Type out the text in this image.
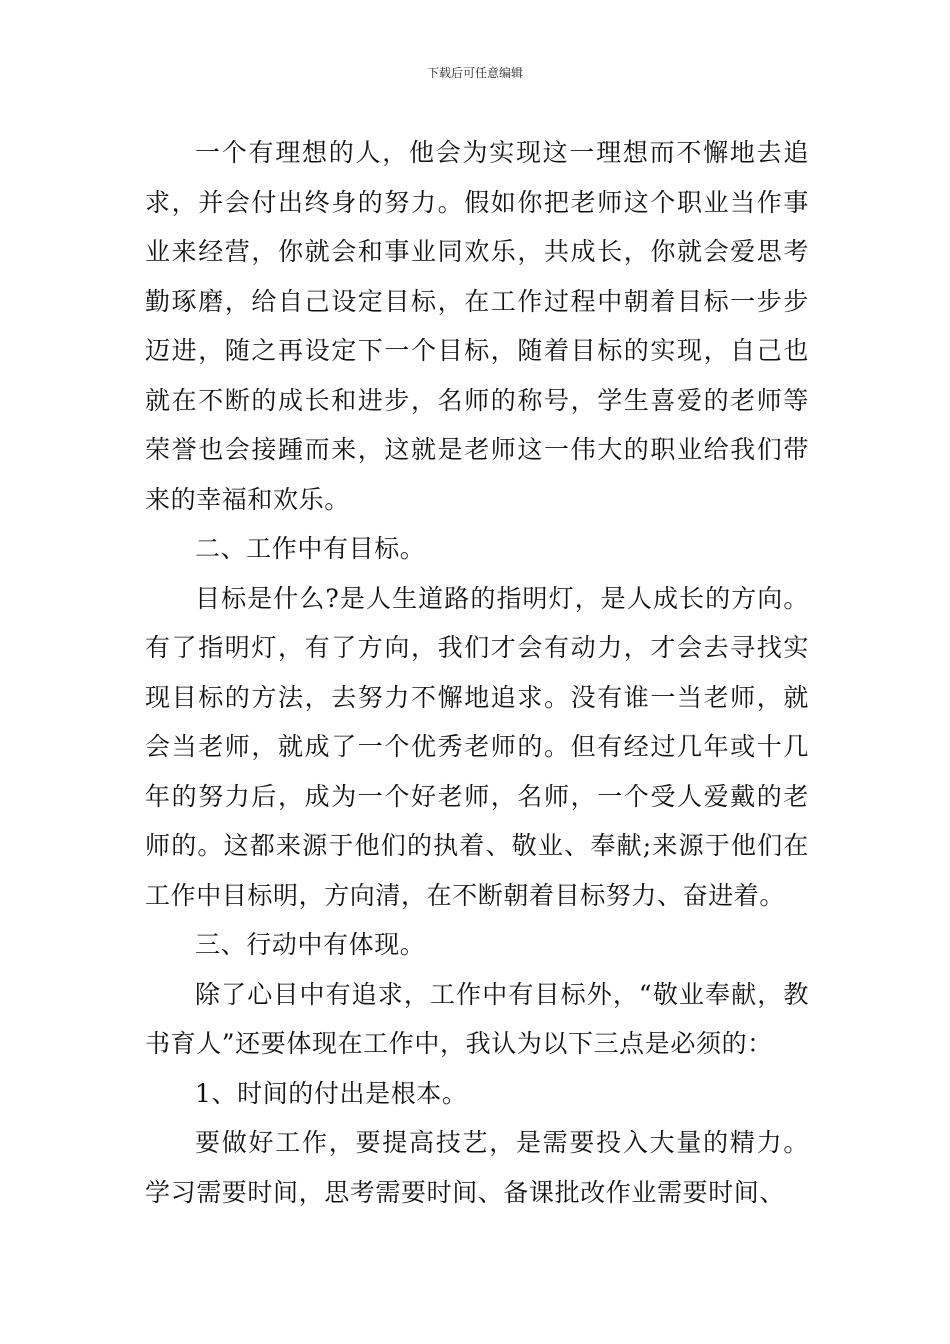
下载后可任意编辑

一个有理想的人，他会为实现这一理想而不懈地去追求，并会付出终身的努力。假如你把老师这个职业当作事业来经营，你就会和事业同欢乐，共成长，你就会爱思考勤琢磨，给自己设定目标，在工作过程中朝着目标一步步迈进，随之再设定下一个目标，随着目标的实现，自己也就在不断的成长和进步，名师的称号，学生喜爱的老师等荣誉也会接踵而来，这就是老师这一伟大的职业给我们带来的幸福和欢乐。

二、工作中有目标。

目标是什么?是人生道路的指明灯，是人成长的方向。有了指明灯，有了方向，我们才会有动力，才会去寻找实现目标的方法，去努力不懈地追求。没有谁一当老师，就会当老师，就成了一个优秀老师的。但有经过几年或十几年的努力后，成为一个好老师，名师，一个受人爱戴的老师的。这都来源于他们的执着、敬业、奉献;来源于他们在工作中目标明，方向清，在不断朝着目标努力、奋进着。

三、行动中有体现。

除了心目中有追求，工作中有目标外，“敬业奉献，教书育人”还要体现在工作中，我认为以下三点是必须的：

1、时间的付出是根本。

要做好工作，要提高技艺，是需要投入大量的精力。学习需要时间，思考需要时间、备课批改作业需要时间、
